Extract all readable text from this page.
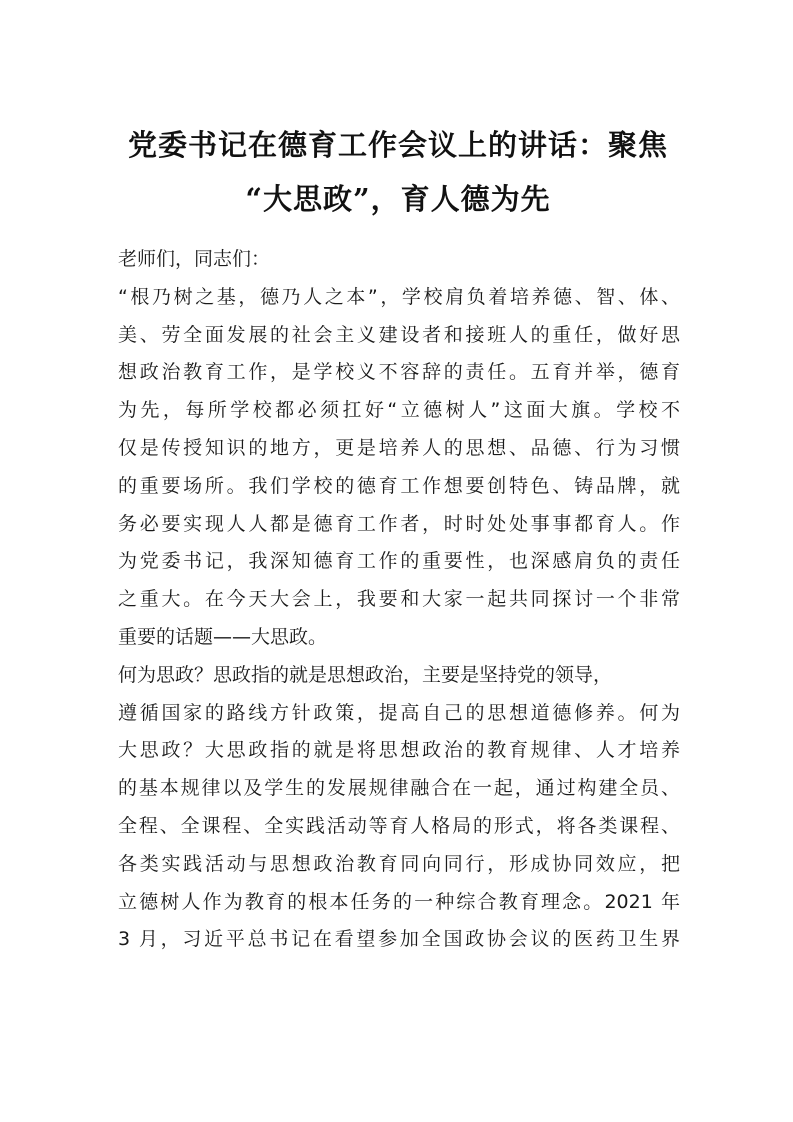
党委书记在德育工作会议上的讲话：聚焦
“大思政”，育人德为先
老师们，同志们：
“根乃树之基，德乃人之本”，学校肩负着培养德、智、体、
美、劳全面发展的社会主义建设者和接班人的重任，做好思
想政治教育工作，是学校义不容辞的责任。五育并举，德育
为先，每所学校都必须扛好“立德树人”这面大旗。学校不
仅是传授知识的地方，更是培养人的思想、品德、行为习惯
的重要场所。我们学校的德育工作想要创特色、铸品牌，就
务必要实现人人都是德育工作者，时时处处事事都育人。作
为党委书记，我深知德育工作的重要性，也深感肩负的责任
之重大。在今天大会上，我要和大家一起共同探讨一个非常
重要的话题——大思政。
何为思政？思政指的就是思想政治，主要是坚持党的领导，
遵循国家的路线方针政策，提高自己的思想道德修养。何为
大思政？大思政指的就是将思想政治的教育规律、人才培养
的基本规律以及学生的发展规律融合在一起，通过构建全员、
全程、全课程、全实践活动等育人格局的形式，将各类课程、
各类实践活动与思想政治教育同向同行，形成协同效应，把
立德树人作为教育的根本任务的一种综合教育理念。2021 年
3 月，习近平总书记在看望参加全国政协会议的医药卫生界
